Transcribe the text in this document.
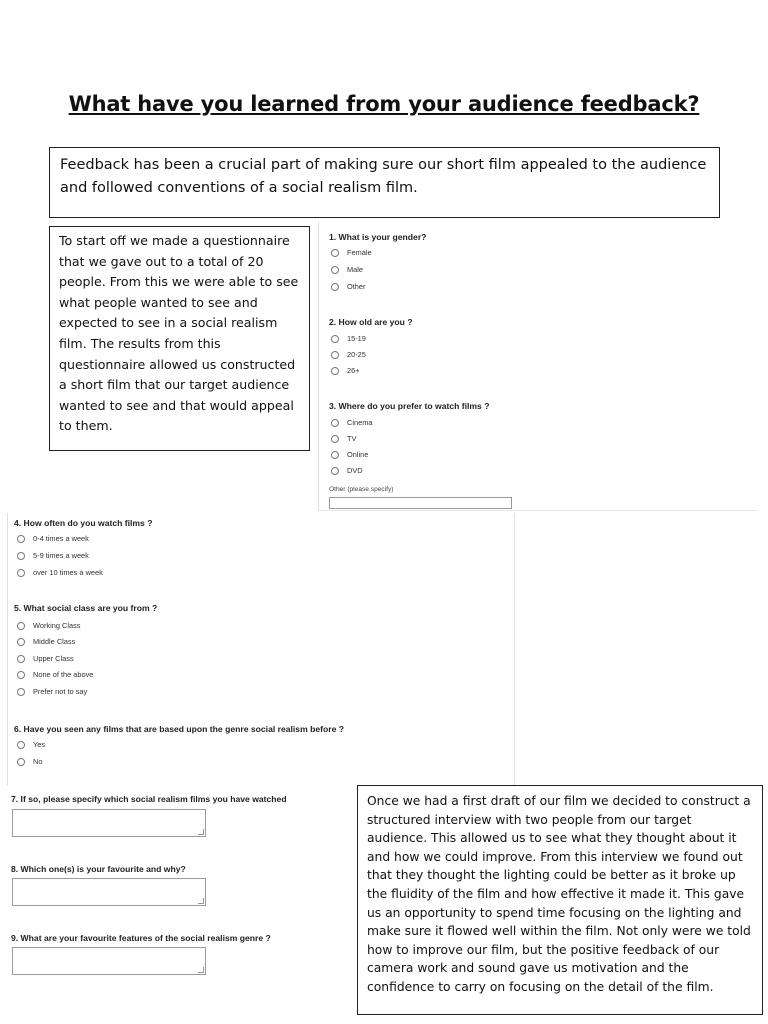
What have you learned from your audience feedback?
Feedback has been a crucial part of making sure our short film appealed to the audience and followed conventions of a social realism film.
To start off we made a questionnaire that we gave out to a total of 20 people. From this we were able to see what people wanted to see and expected to see in a social realism film. The results from this questionnaire allowed us constructed a short film that our target audience wanted to see and that would appeal to them.
1. What is your gender?
Female
Male
Other
2. How old are you ?
15-19
20-25
26+
3. Where do you prefer to watch films ?
Cinema
TV
Online
DVD
Other (please specify)
4. How often do you watch films ?
0-4 times a week
5-9 times a week
over 10 times a week
5. What social class are you from ?
Working Class
Middle Class
Upper Class
None of the above
Prefer not to say
6. Have you seen any films that are based upon the genre social realism before ?
Yes
No
7. If so, please specify which social realism films you have watched
8. Which one(s) is your favourite and why?
9. What are your favourite features of the social realism genre ?
Once we had a first draft of our film we decided to construct a structured interview with two people from our target audience. This allowed us to see what they thought about it and how we could improve. From this interview we found out that they thought the lighting could be better as it broke up the fluidity of the film and how effective it made it. This gave us an opportunity to spend time focusing on the lighting and make sure it flowed well within the film. Not only were we told how to improve our film, but the positive feedback of our camera work and sound gave us motivation and the confidence to carry on focusing on the detail of the film.
